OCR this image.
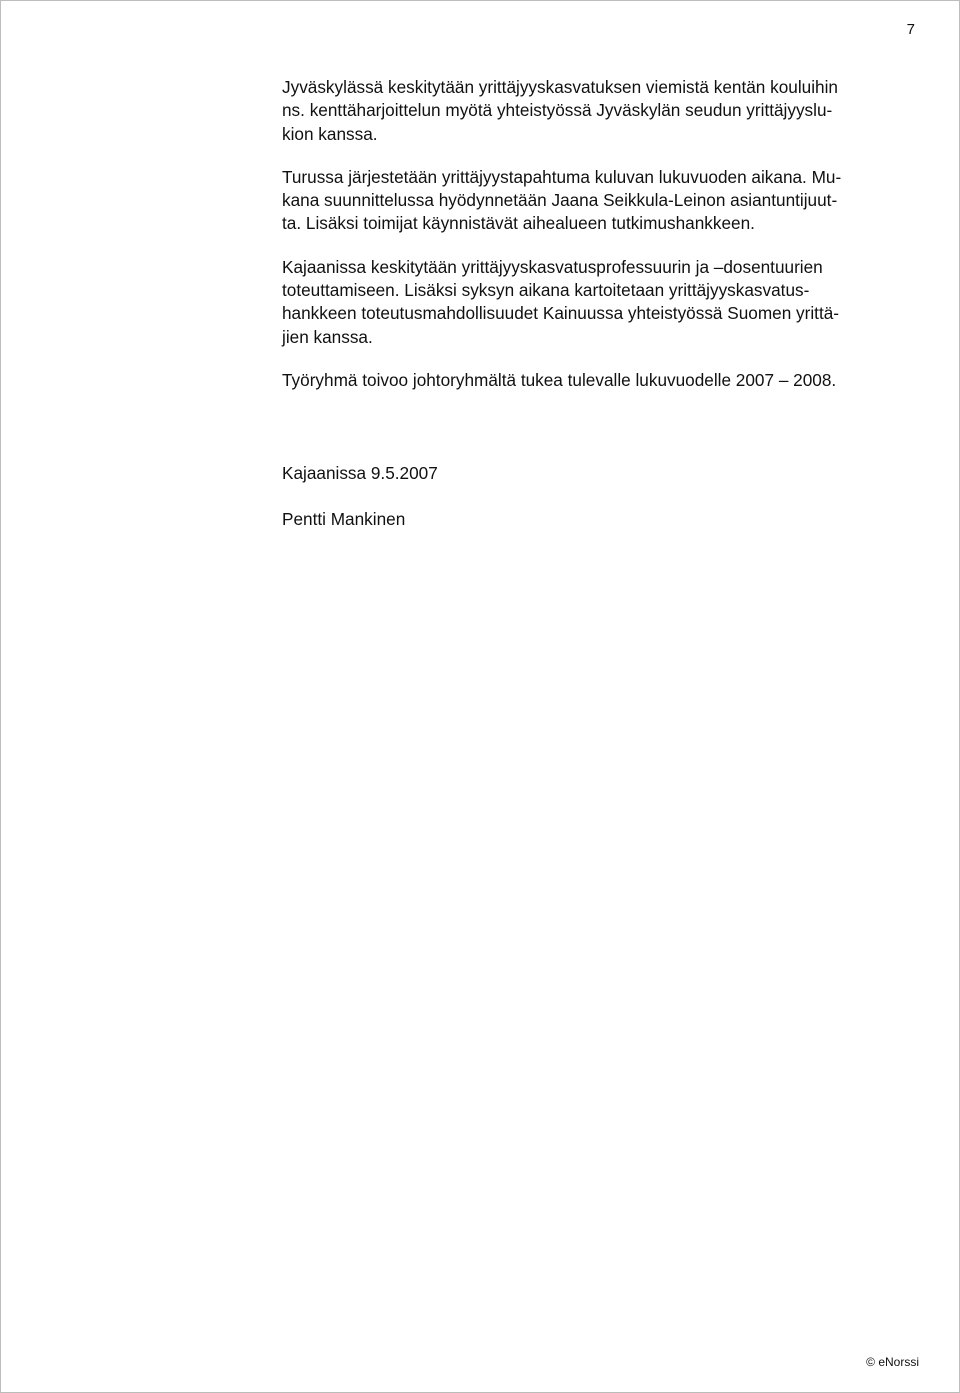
7

Jyväskylässä keskitytään yrittäjyyskasvatuksen viemistä kentän kouluihin
ns. kenttäharjoittelun myötä yhteistyössä Jyväskylän seudun yrittäjyyslu-
kion kanssa.

Turussa järjestetään yrittäjyystapahtuma kuluvan lukuvuoden aikana. Mu-
kana suunnittelussa hyödynnetään Jaana Seikkula-Leinon asiantuntijuut-
ta. Lisäksi toimijat käynnistävät aihealueen tutkimushankkeen.

Kajaanissa keskitytään yrittäjyyskasvatusprofessuurin ja –dosentuurien
toteuttamiseen. Lisäksi syksyn aikana kartoitetaan yrittäjyyskasvatus-
hankkeen toteutusmahdollisuudet Kainuussa yhteistyössä Suomen yrittä-
jien kanssa.

Työryhmä toivoo johtoryhmältä tukea tulevalle lukuvuodelle 2007 – 2008.

Kajaanissa 9.5.2007
Pentti Mankinen
© eNorssi
